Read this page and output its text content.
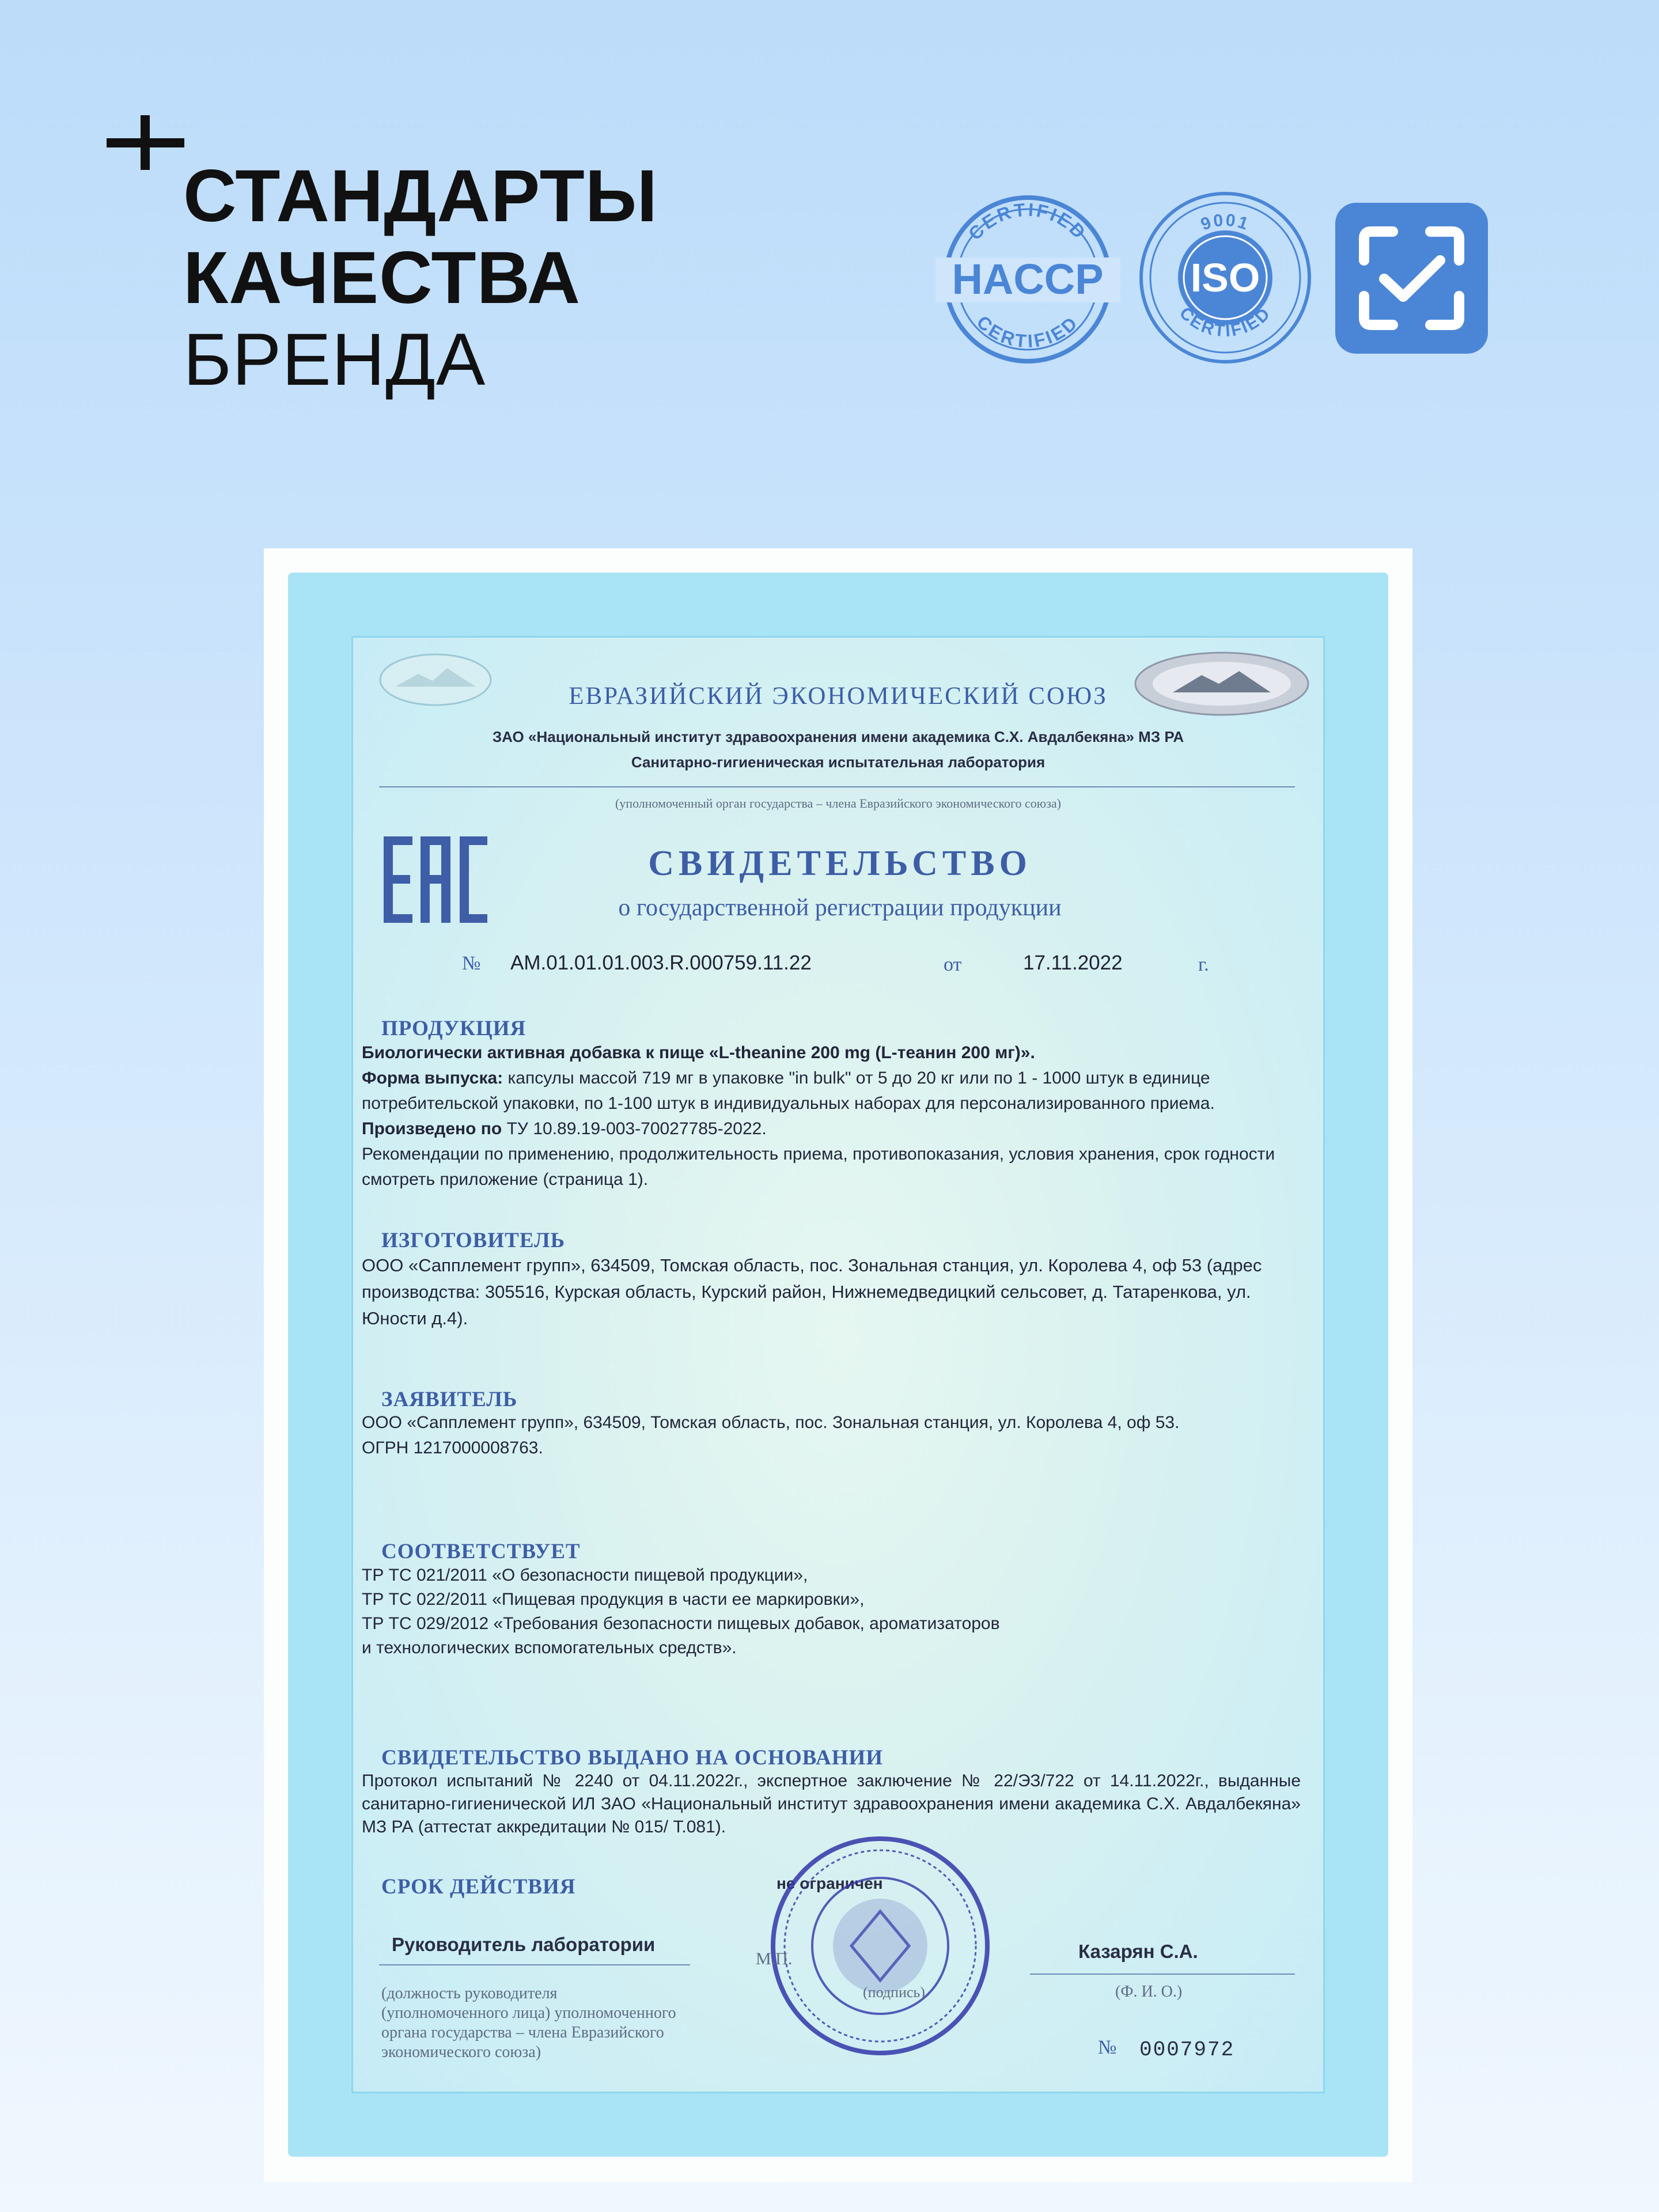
СТАНДАРТЫ
КАЧЕСТВА
БРЕНДА
CERTIFIED
HACCP
CERTIFIED
9001
ISO
CERTIFIED
ЕВРАЗИЙСКИЙ ЭКОНОМИЧЕСКИЙ СОЮЗ
ЗАО «Национальный институт здравоохранения имени академика С.Х. Авдалбекяна» МЗ РА
Санитарно-гигиеническая испытательная лаборатория
(уполномоченный орган государства – члена Евразийского экономического союза)
СВИДЕТЕЛЬСТВО
о государственной регистрации продукции
№ AM.01.01.01.003.R.000759.11.22	от	17.11.2022	г.
ПРОДУКЦИЯ

Биологически активная добавка к пище «L-theanine 200 mg (L-теанин 200 мг)».

Форма выпуска: капсулы массой 719 мг в упаковке "in bulk" от 5 до 20 кг или по 1 - 1000 штук в единице потребительской упаковки, по 1-100 штук в индивидуальных наборах для персонализированного приема.

Произведено по ТУ 10.89.19-003-70027785-2022.

Рекомендации по применению, продолжительность приема, противопоказания, условия хранения, срок годности смотреть приложение (страница 1).

ИЗГОТОВИТЕЛЬ
ООО «Сапплемент групп», 634509, Томская область, пос. Зональная станция, ул. Королева 4, оф 53 (адрес производства: 305516, Курская область, Курский район, Нижнемедведицкий сельсовет, д. Татаренкова, ул. Юности д.4).
ЗАЯВИТЕЛЬ

ООО «Сапплемент групп», 634509, Томская область, пос. Зональная станция, ул. Королева 4, оф 53.

ОГРН 1217000008763.

СООТВЕТСТВУЕТ

ТР ТС 021/2011 «О безопасности пищевой продукции»,

ТР ТС 022/2011 «Пищевая продукция в части ее маркировки»,

ТР ТС 029/2012 «Требования безопасности пищевых добавок, ароматизаторов

и технологических вспомогательных средств».

СВИДЕТЕЛЬСТВО ВЫДАНО НА ОСНОВАНИИ
Протокол испытаний № 2240 от 04.11.2022г., экспертное заключение № 22/ЭЗ/722 от 14.11.2022г., выданные санитарно-гигиенической ИЛ ЗАО «Национальный институт здравоохранения имени академика С.Х. Авдалбекяна» МЗ РА (аттестат аккредитации № 015/ Т.081).
СРОК ДЕЙСТВИЯ	не ограничен
Руководитель лаборатории
М.П.
(подпись)
Казарян С.А.
(Ф. И. О.)
(должность руководителя
(уполномоченного лица) уполномоченного
органа государства – члена Евразийского
экономического союза)	№ 0007972
